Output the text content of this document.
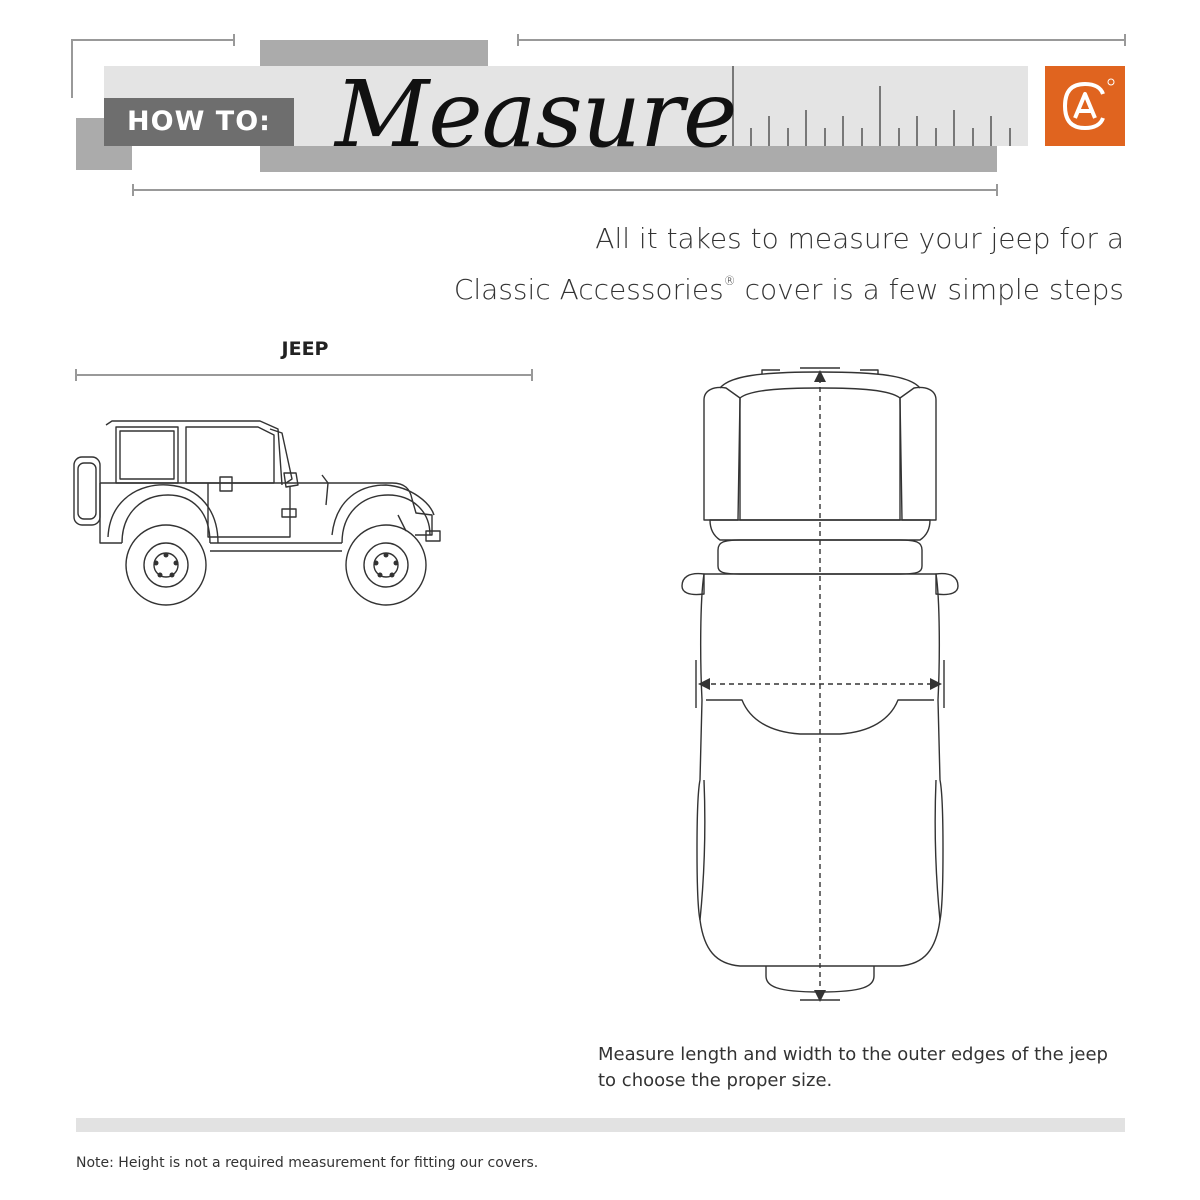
HOW TO: Measure
All it takes to measure your jeep for a
Classic Accessories® cover is a few simple steps
JEEP
Measure length and width to the outer edges of the jeep to choose the proper size.
Note: Height is not a required measurement for fitting our covers.
